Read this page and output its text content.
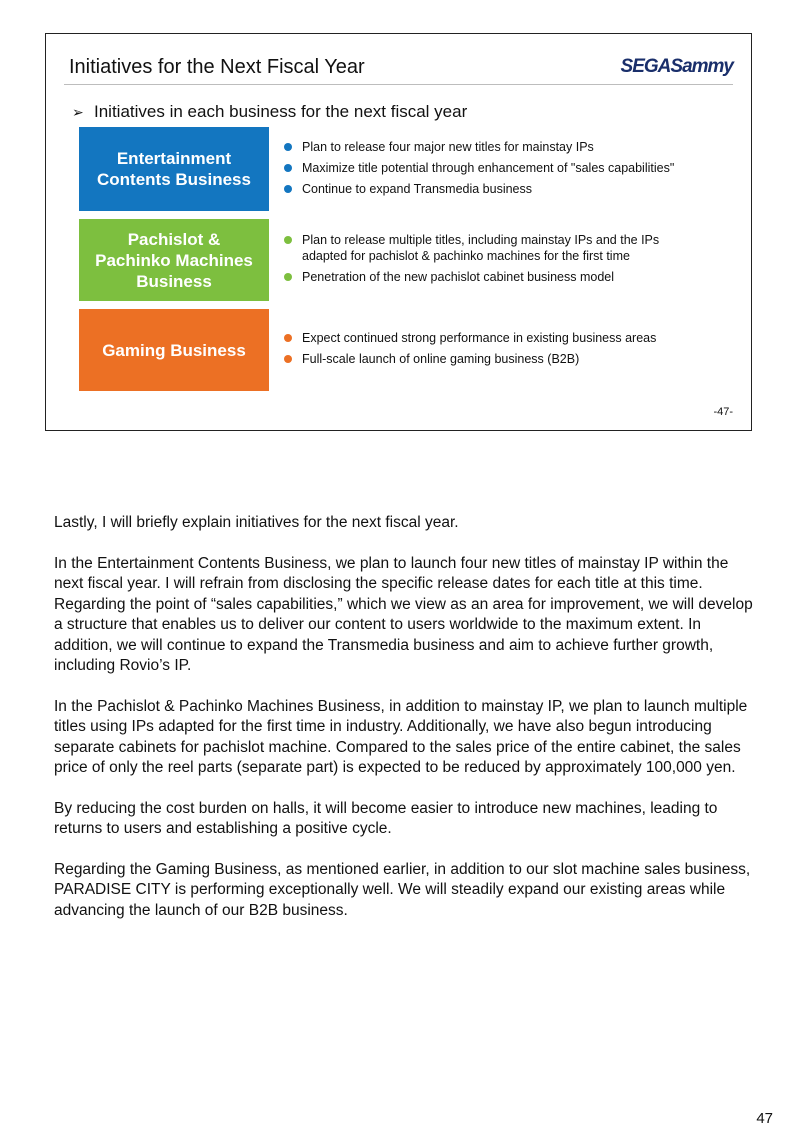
Initiatives for the Next Fiscal Year	SEGASammy
➢ Initiatives in each business for the next fiscal year
Entertainment
Contents Business
Plan to release four major new titles for mainstay IPs
Maximize title potential through enhancement of "sales capabilities"
Continue to expand Transmedia business
Pachislot &
Pachinko Machines
Business
Plan to release multiple titles, including mainstay IPs and the IPs adapted for pachislot & pachinko machines for the first time
Penetration of the new pachislot cabinet business model
Gaming Business
Expect continued strong performance in existing business areas
Full-scale launch of online gaming business (B2B)
-47-

Lastly, I will briefly explain initiatives for the next fiscal year.

In the Entertainment Contents Business, we plan to launch four new titles of mainstay IP within the next fiscal year. I will refrain from disclosing the specific release dates for each title at this time. Regarding the point of “sales capabilities,” which we view as an area for improvement, we will develop a structure that enables us to deliver our content to users worldwide to the maximum extent. In addition, we will continue to expand the Transmedia business and aim to achieve further growth, including Rovio’s IP.

In the Pachislot & Pachinko Machines Business, in addition to mainstay IP, we plan to launch multiple titles using IPs adapted for the first time in industry. Additionally, we have also begun introducing separate cabinets for pachislot machine. Compared to the sales price of the entire cabinet, the sales price of only the reel parts (separate part) is expected to be reduced by approximately 100,000 yen.

By reducing the cost burden on halls, it will become easier to introduce new machines, leading to returns to users and establishing a positive cycle.

Regarding the Gaming Business, as mentioned earlier, in addition to our slot machine sales business, PARADISE CITY is performing exceptionally well. We will steadily expand our existing areas while advancing the launch of our B2B business.

47
